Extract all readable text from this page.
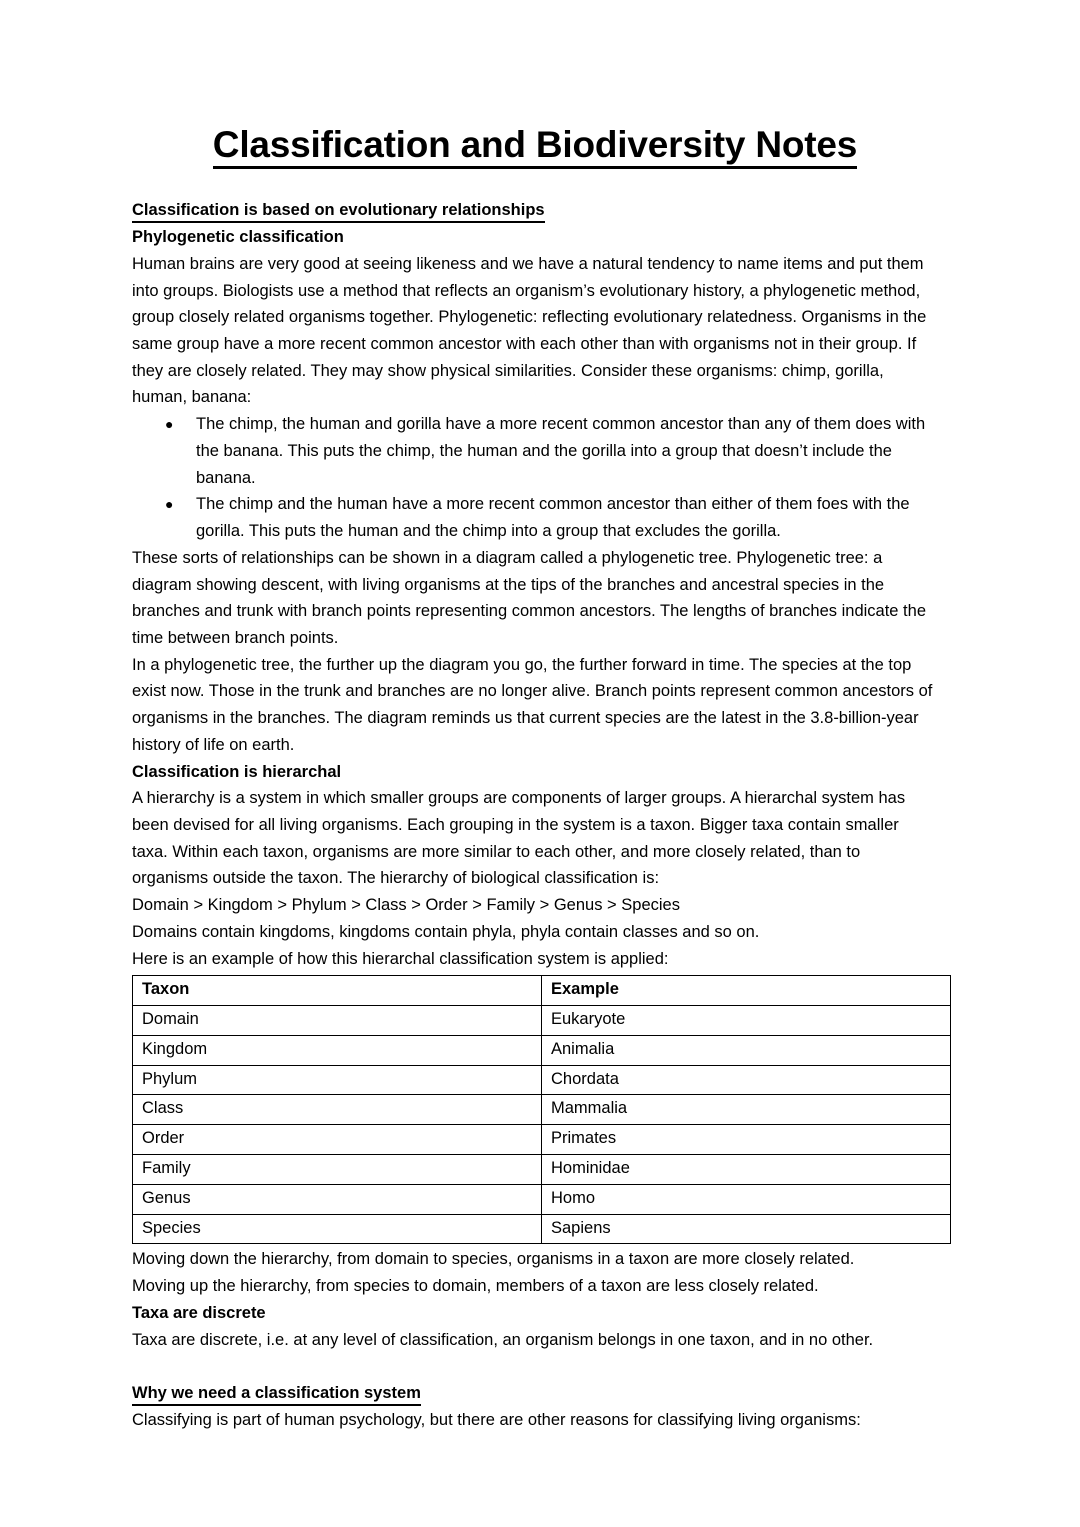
Classification and Biodiversity Notes
Classification is based on evolutionary relationships
Phylogenetic classification

Human brains are very good at seeing likeness and we have a natural tendency to name items and put them into groups. Biologists use a method that reflects an organism’s evolutionary history, a phylogenetic method, group closely related organisms together. Phylogenetic: reflecting evolutionary relatedness. Organisms in the same group have a more recent common ancestor with each other than with organisms not in their group. If they are closely related. They may show physical similarities. Consider these organisms: chimp, gorilla, human, banana:

● The chimp, the human and gorilla have a more recent common ancestor than any of them does with the banana. This puts the chimp, the human and the gorilla into a group that doesn’t include the banana.
● The chimp and the human have a more recent common ancestor than either of them foes with the gorilla. This puts the human and the chimp into a group that excludes the gorilla.

These sorts of relationships can be shown in a diagram called a phylogenetic tree. Phylogenetic tree: a diagram showing descent, with living organisms at the tips of the branches and ancestral species in the branches and trunk with branch points representing common ancestors. The lengths of branches indicate the time between branch points.

In a phylogenetic tree, the further up the diagram you go, the further forward in time. The species at the top exist now. Those in the trunk and branches are no longer alive. Branch points represent common ancestors of organisms in the branches. The diagram reminds us that current species are the latest in the 3.8-billion-year history of life on earth.

Classification is hierarchal

A hierarchy is a system in which smaller groups are components of larger groups. A hierarchal system has been devised for all living organisms. Each grouping in the system is a taxon. Bigger taxa contain smaller taxa. Within each taxon, organisms are more similar to each other, and more closely related, than to organisms outside the taxon. The hierarchy of biological classification is:

Domain > Kingdom > Phylum > Class > Order > Family > Genus > Species

Domains contain kingdoms, kingdoms contain phyla, phyla contain classes and so on.

Here is an example of how this hierarchal classification system is applied:

Taxon	Example
Domain	Eukaryote
Kingdom	Animalia
Phylum	Chordata
Class	Mammalia
Order	Primates
Family	Hominidae
Genus	Homo
Species	Sapiens

Moving down the hierarchy, from domain to species, organisms in a taxon are more closely related.

Moving up the hierarchy, from species to domain, members of a taxon are less closely related.

Taxa are discrete

Taxa are discrete, i.e. at any level of classification, an organism belongs in one taxon, and in no other.

Why we need a classification system

Classifying is part of human psychology, but there are other reasons for classifying living organisms:
